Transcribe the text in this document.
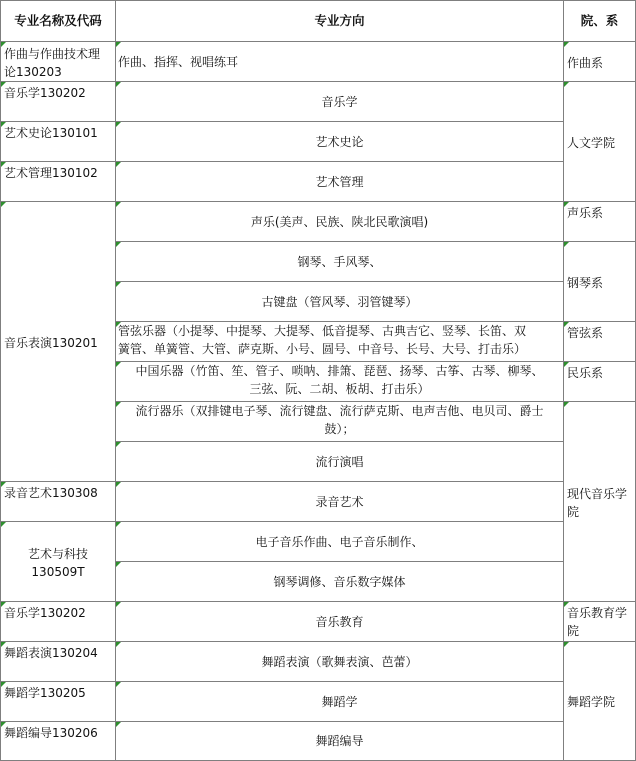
专业名称及代码	专业方向	院、系

作曲与作曲技术理
论130203	作曲、指挥、视唱练耳	作曲系
音乐学130202	音乐学	人文学院
艺术史论130101	艺术史论	
艺术管理130102	艺术管理	
音乐表演130201	声乐(美声、民族、陕北民歌演唱)	声乐系
	钢琴、手风琴、	钢琴系
	古键盘（管风琴、羽管键琴）	

	管弦乐器（小提琴、中提琴、大提琴、低音提琴、古典吉它、竖琴、长笛、双
簧管、单簧管、大管、萨克斯、小号、圆号、中音号、长号、大号、打击乐）	管弦系

	中国乐器（竹笛、笙、管子、唢呐、排箫、琵琶、扬琴、古筝、古琴、柳琴、
三弦、阮、二胡、板胡、打击乐）	民乐系

	流行器乐（双排键电子琴、流行键盘、流行萨克斯、电声吉他、电贝司、爵士
鼓）；	现代音乐学
院

	流行演唱	
录音艺术130308	录音艺术	

艺术与科技
130509T	电子音乐作曲、电子音乐制作、	
	钢琴调修、音乐数字媒体	
音乐学130202	音乐教育	音乐教育学
院

舞蹈表演130204	舞蹈表演（歌舞表演、芭蕾）	舞蹈学院
舞蹈学130205	舞蹈学	
舞蹈编导130206	舞蹈编导	
